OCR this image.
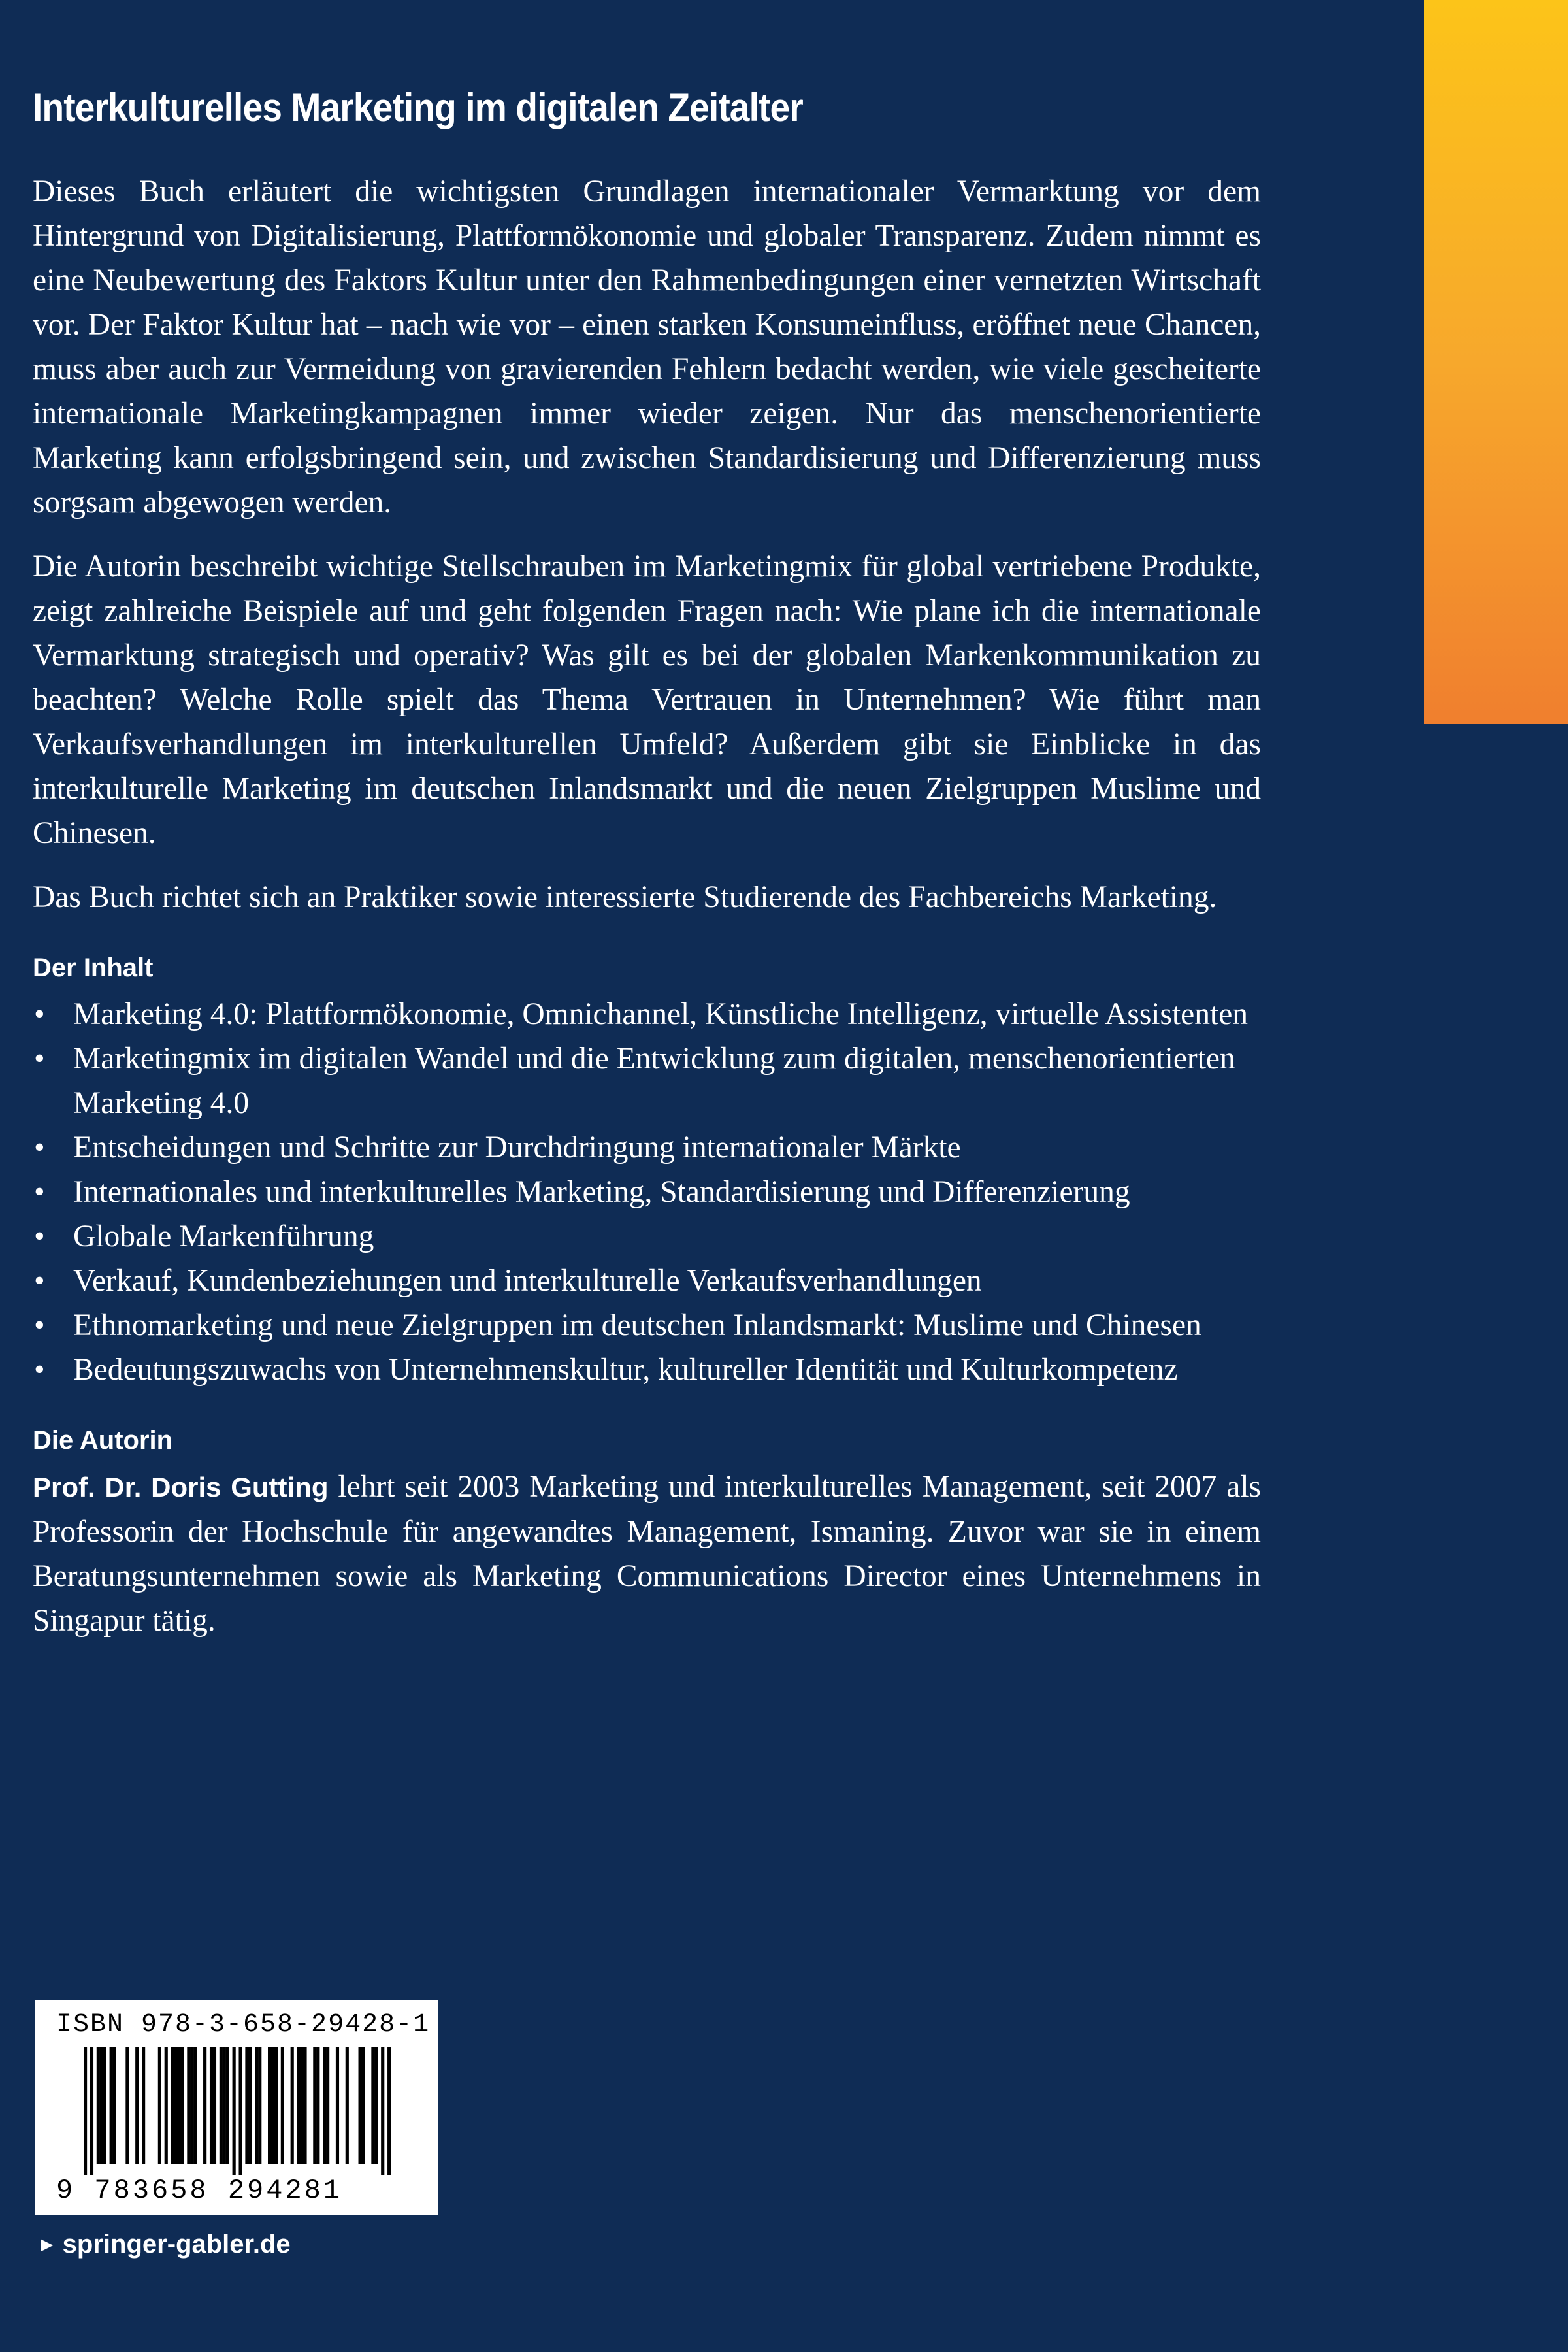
Interkulturelles Marketing im digitalen Zeitalter

Dieses Buch erläutert die wichtigsten Grundlagen internationaler Vermarktung vor dem Hintergrund von Digitalisierung, Plattformökonomie und globaler Transparenz. Zudem nimmt es eine Neubewertung des Faktors Kultur unter den Rahmenbedingungen einer vernetzten Wirtschaft vor. Der Faktor Kultur hat – nach wie vor – einen starken Konsumeinfluss, eröffnet neue Chancen, muss aber auch zur Vermeidung von gravierenden Fehlern bedacht werden, wie viele gescheiterte internationale Marketingkampagnen immer wieder zeigen. Nur das menschenorientierte Marketing kann erfolgsbringend sein, und zwischen Standardisierung und Differenzierung muss sorgsam abgewogen werden.

Die Autorin beschreibt wichtige Stellschrauben im Marketingmix für global vertriebene Produkte, zeigt zahlreiche Beispiele auf und geht folgenden Fragen nach: Wie plane ich die internationale Vermarktung strategisch und operativ? Was gilt es bei der globalen Markenkommunikation zu beachten? Welche Rolle spielt das Thema Vertrauen in Unternehmen? Wie führt man Verkaufsverhandlungen im interkulturellen Umfeld? Außerdem gibt sie Einblicke in das interkulturelle Marketing im deutschen Inlandsmarkt und die neuen Zielgruppen Muslime und Chinesen.

Das Buch richtet sich an Praktiker sowie interessierte Studierende des Fachbereichs Marketing.

Der Inhalt
• Marketing 4.0: Plattformökonomie, Omnichannel, Künstliche Intelligenz, virtuelle Assistenten
• Marketingmix im digitalen Wandel und die Entwicklung zum digitalen, menschenorientierten Marketing 4.0
• Entscheidungen und Schritte zur Durchdringung internationaler Märkte
• Internationales und interkulturelles Marketing, Standardisierung und Differenzierung
• Globale Markenführung
• Verkauf, Kundenbeziehungen und interkulturelle Verkaufsverhandlungen
• Ethnomarketing und neue Zielgruppen im deutschen Inlandsmarkt: Muslime und Chinesen
• Bedeutungszuwachs von Unternehmenskultur, kultureller Identität und Kulturkompetenz
Die Autorin

Prof. Dr. Doris Gutting lehrt seit 2003 Marketing und interkulturelles Management, seit 2007 als Professorin der Hochschule für angewandtes Management, Ismaning. Zuvor war sie in einem Beratungsunternehmen sowie als Marketing Communications Director eines Unternehmens in Singapur tätig.

ISBN 978-3-658-29428-1
9 783658 294281
► springer-gabler.de
